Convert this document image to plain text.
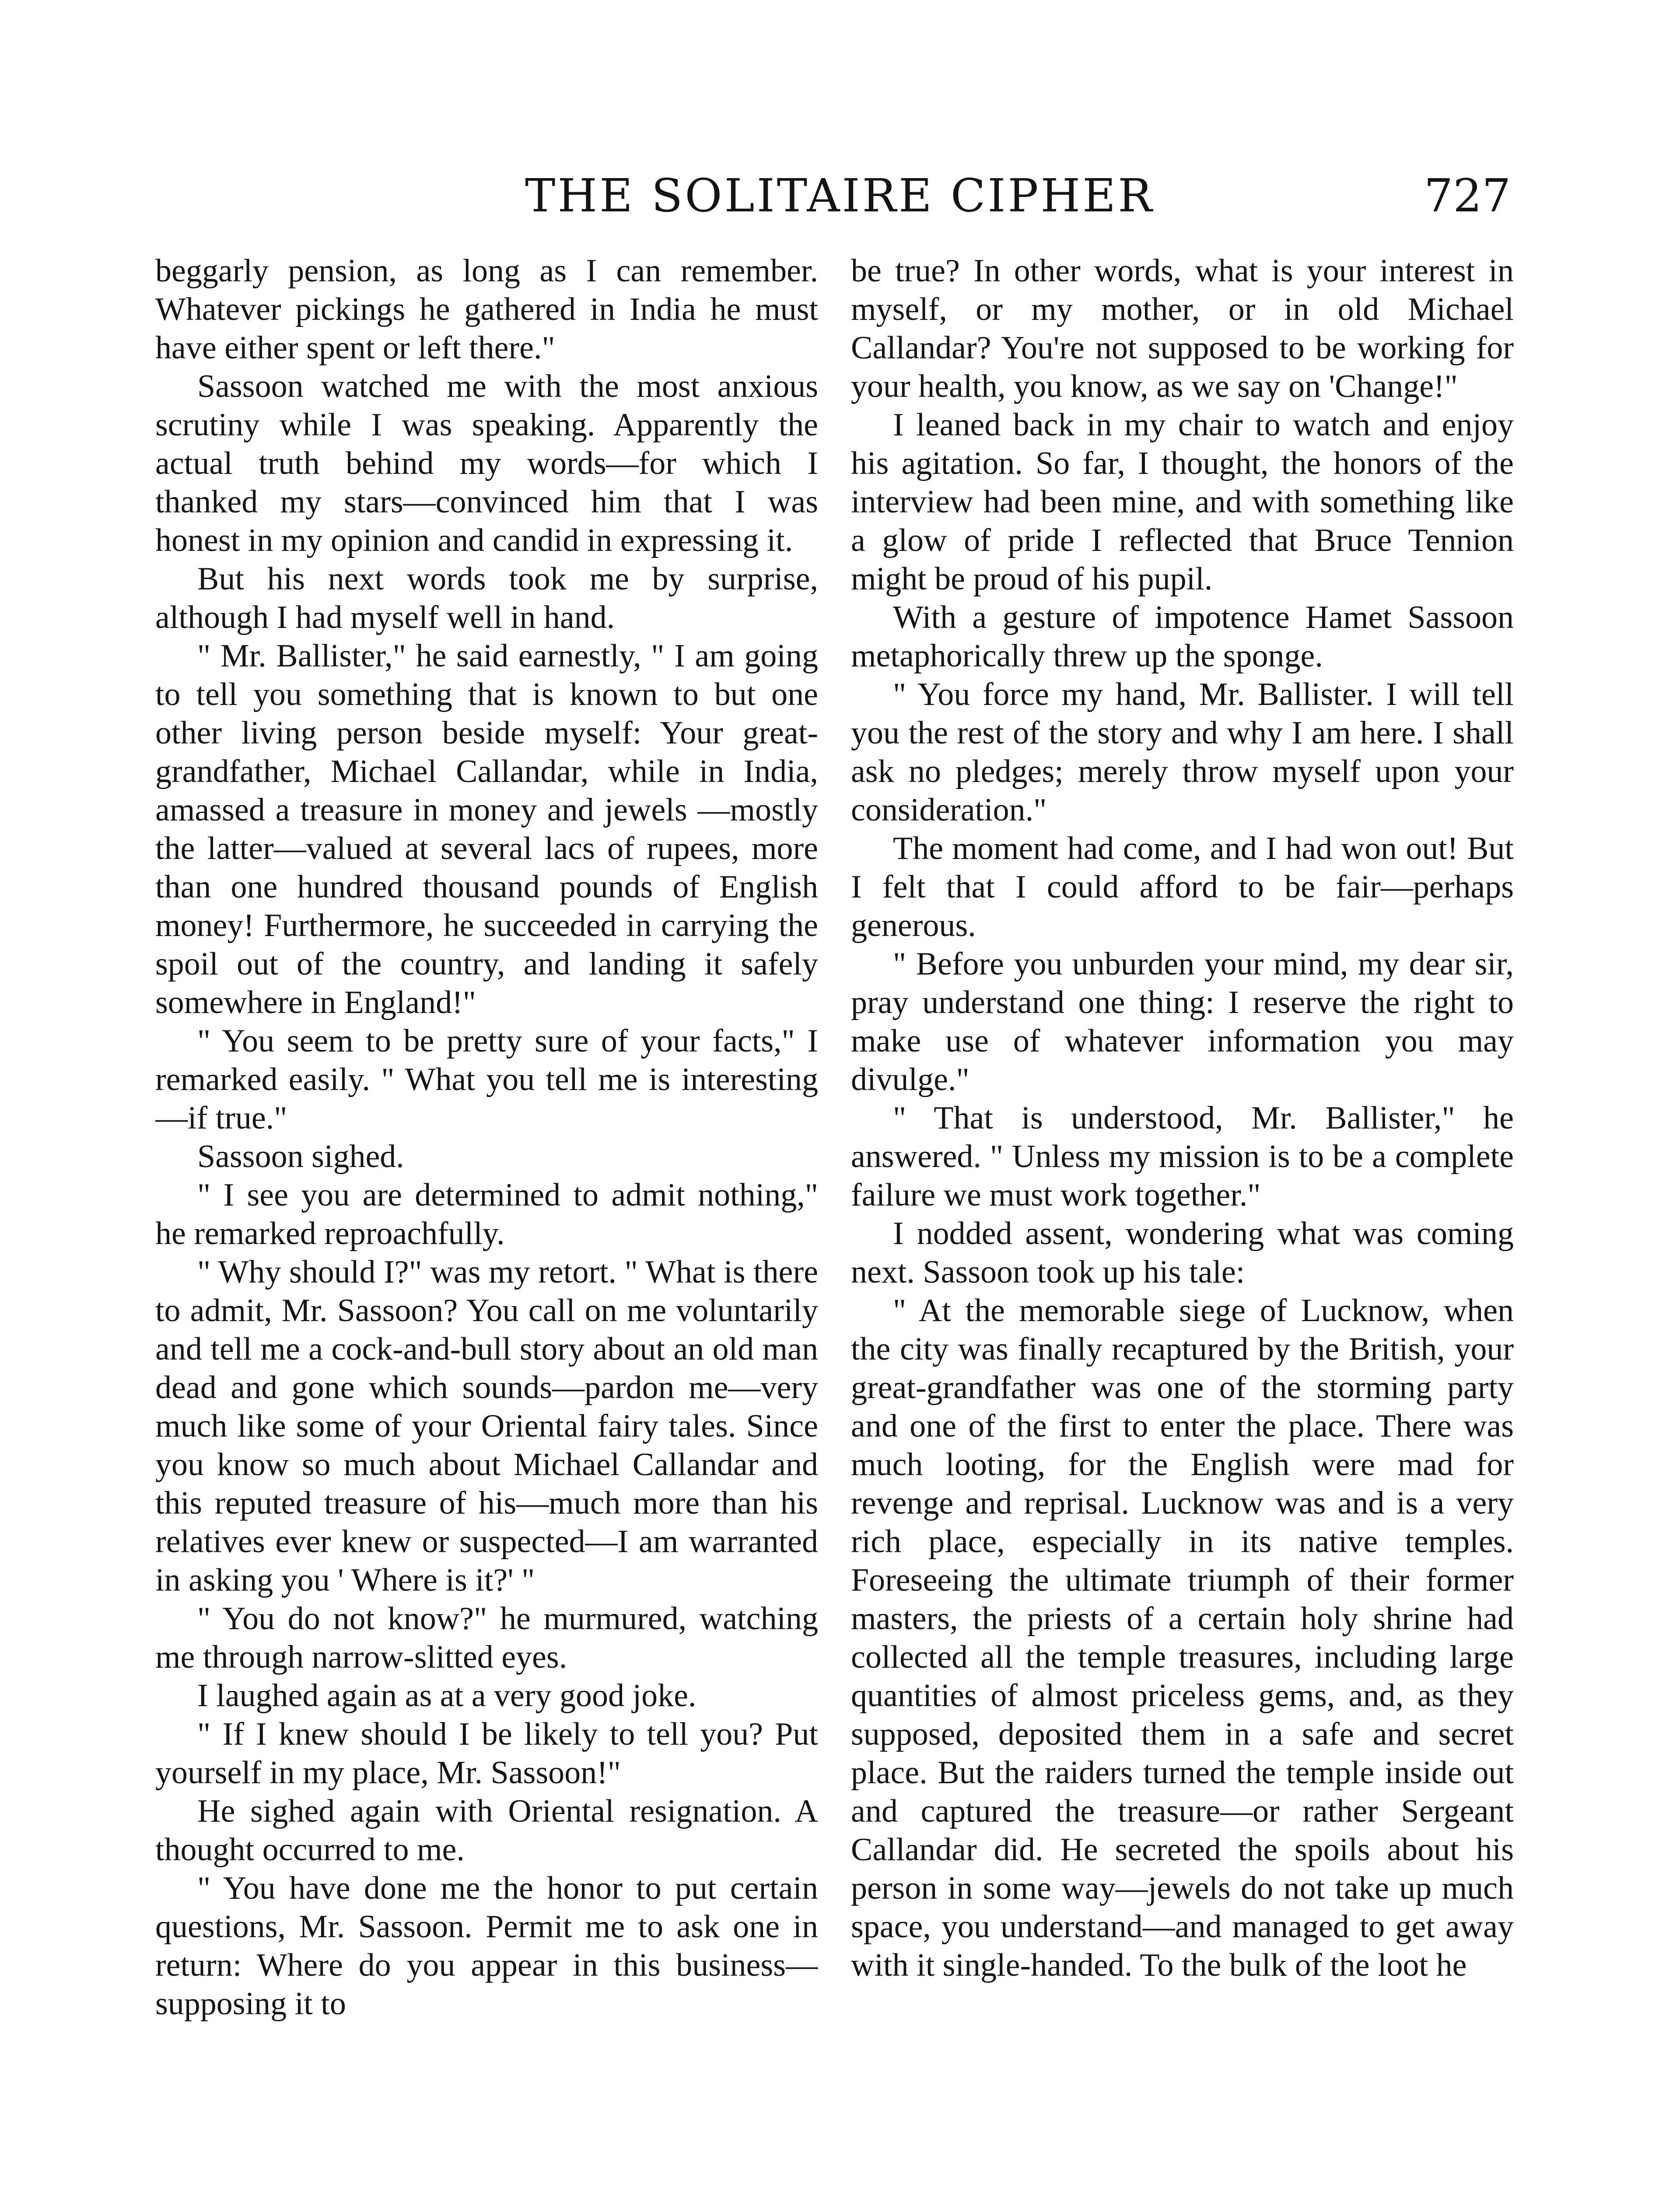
THE SOLITAIRE CIPHER	727

beggarly pension, as long as I can remember. Whatever pickings he gathered in India he must have either spent or left there."

Sassoon watched me with the most anxious scrutiny while I was speaking. Apparently the actual truth behind my words—for which I thanked my stars—convinced him that I was honest in my opinion and candid in expressing it.

But his next words took me by surprise, although I had myself well in hand.

" Mr. Ballister," he said earnestly, " I am going to tell you something that is known to but one other living person beside myself: Your great-grandfather, Michael Callandar, while in India, amassed a treasure in money and jewels —mostly the latter—valued at several lacs of rupees, more than one hundred thousand pounds of English money! Furthermore, he succeeded in carrying the spoil out of the country, and landing it safely somewhere in England!"

" You seem to be pretty sure of your facts," I remarked easily. " What you tell me is interesting—if true."

Sassoon sighed.

" I see you are determined to admit nothing," he remarked reproachfully.

" Why should I?" was my retort. " What is there to admit, Mr. Sassoon? You call on me voluntarily and tell me a cock-and-bull story about an old man dead and gone which sounds—pardon me—very much like some of your Oriental fairy tales. Since you know so much about Michael Callandar and this reputed treasure of his—much more than his relatives ever knew or suspected—I am warranted in asking you ' Where is it?' "

" You do not know?" he murmured, watching me through narrow-slitted eyes.

I laughed again as at a very good joke.

" If I knew should I be likely to tell you? Put yourself in my place, Mr. Sassoon!"

He sighed again with Oriental resignation. A thought occurred to me.

" You have done me the honor to put certain questions, Mr. Sassoon. Permit me to ask one in return: Where do you appear in this business—supposing it to

be true? In other words, what is your interest in myself, or my mother, or in old Michael Callandar? You're not supposed to be working for your health, you know, as we say on 'Change!"

I leaned back in my chair to watch and enjoy his agitation. So far, I thought, the honors of the interview had been mine, and with something like a glow of pride I reflected that Bruce Tennion might be proud of his pupil.

With a gesture of impotence Hamet Sassoon metaphorically threw up the sponge.

" You force my hand, Mr. Ballister. I will tell you the rest of the story and why I am here. I shall ask no pledges; merely throw myself upon your consideration."

The moment had come, and I had won out! But I felt that I could afford to be fair—perhaps generous.

" Before you unburden your mind, my dear sir, pray understand one thing: I reserve the right to make use of whatever information you may divulge."

" That is understood, Mr. Ballister," he answered. " Unless my mission is to be a complete failure we must work together."

I nodded assent, wondering what was coming next. Sassoon took up his tale:

" At the memorable siege of Lucknow, when the city was finally recaptured by the British, your great-grandfather was one of the storming party and one of the first to enter the place. There was much looting, for the English were mad for revenge and reprisal. Lucknow was and is a very rich place, especially in its native temples. Foreseeing the ultimate triumph of their former masters, the priests of a certain holy shrine had collected all the temple treasures, including large quantities of almost priceless gems, and, as they supposed, deposited them in a safe and secret place. But the raiders turned the temple inside out and captured the treasure—or rather Sergeant Callandar did. He secreted the spoils about his person in some way—jewels do not take up much space, you understand—and managed to get away with it single-handed. To the bulk of the loot he
